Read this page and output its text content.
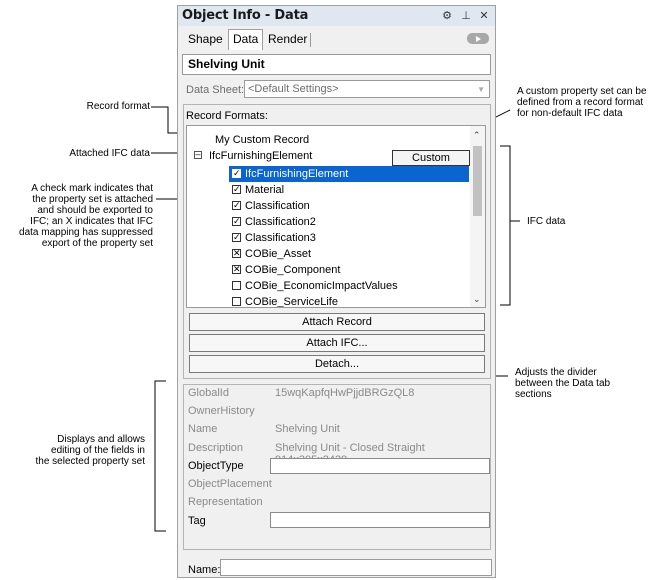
Record format
Attached IFC data
A check mark indicates that
the property set is attached
and should be exported to
IFC; an X indicates that IFC
data mapping has suppressed
export of the property set
A custom property set can be
defined from a record format
for non-default IFC data
IFC data
Adjusts the divider
between the Data tab
sections
Displays and allows
editing of the fields in
the selected property set
Object Info - Data	⚙ ⊥ ✕
Shape Data Render
Shelving Unit
Data Sheet: <Default Settings>	▼
Record Formats:
My Custom Record
– IfcFurnishingElement	Custom
✓ IfcFurnishingElement
✓ Material
✓ Classification
✓ Classification2
✓ Classification3
✕ COBie_Asset
✕ COBie_Component
COBie_EconomicImpactValues
COBie_ServiceLife
⌃
⌄
Attach Record
Attach IFC...
Detach...
GlobalId	15wqKapfqHwPjjdBRGzQL8
OwnerHistory
Name	Shelving Unit
Description	Shelving Unit - Closed Straight
ObjectType
ObjectPlacement
Representation
Tag
Name:
